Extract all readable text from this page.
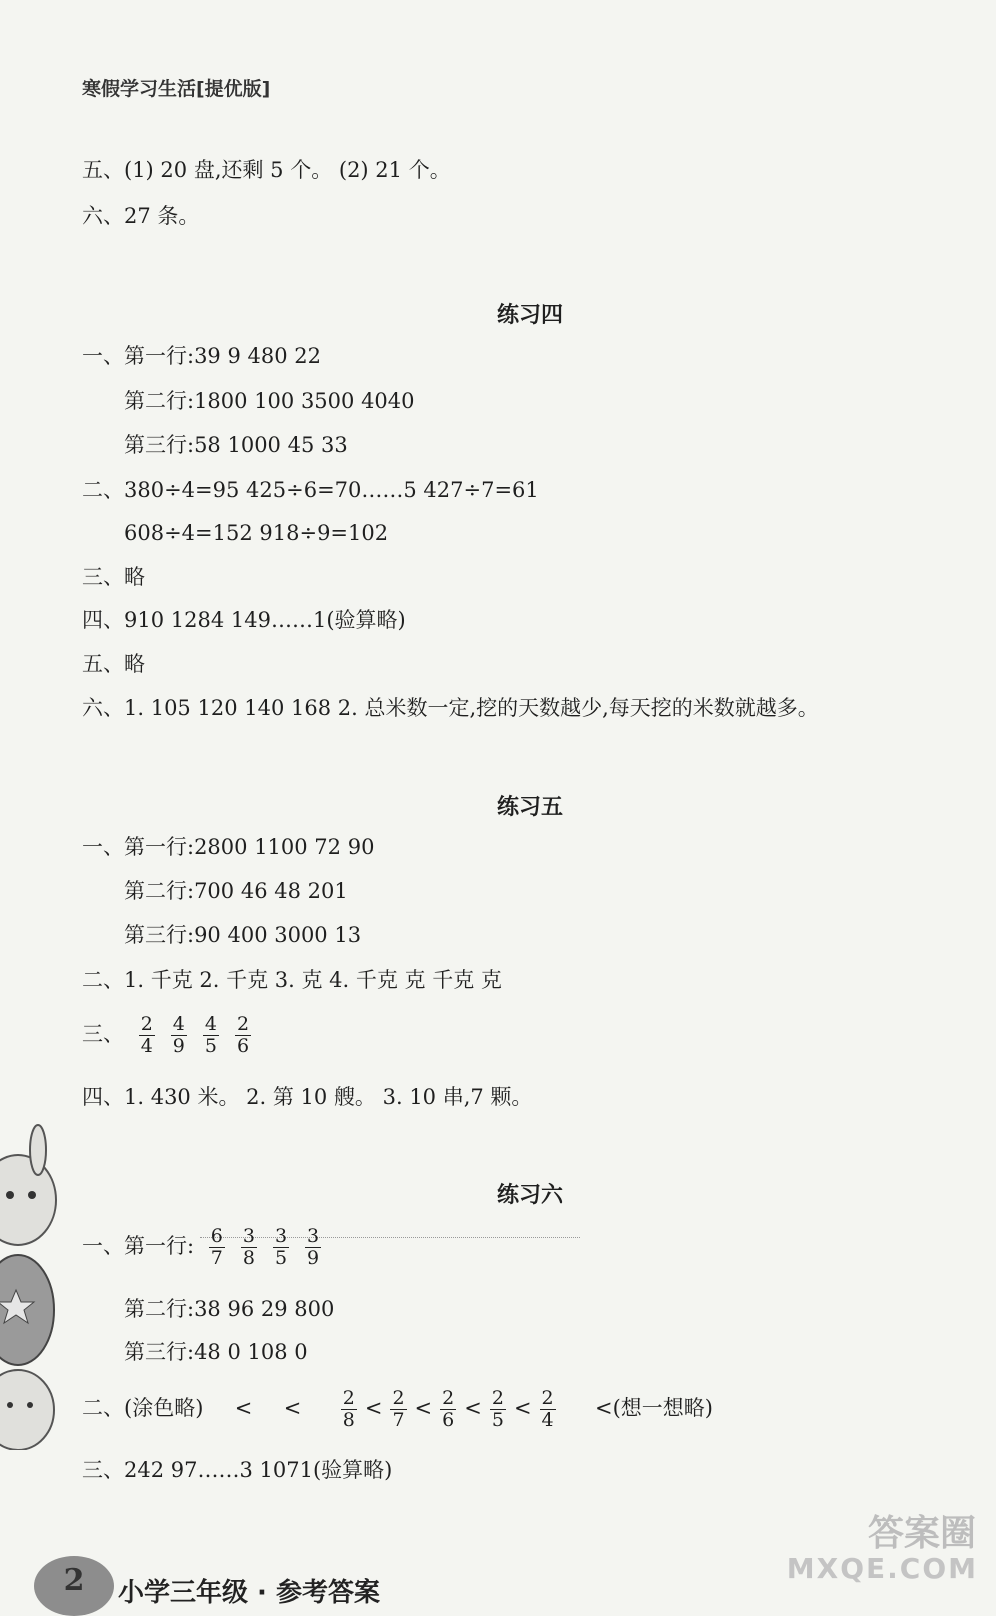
寒假学习生活[提优版]
五、(1) 20 盘,还剩 5 个。 (2) 21 个。
六、27 条。
练习四
一、第一行:39 9 480 22
第二行:1800 100 3500 4040
第三行:58 1000 45 33
二、380÷4=95 425÷6=70……5 427÷7=61
608÷4=152 918÷9=102
三、略
四、910 1284 149……1(验算略)
五、略
六、1. 105 120 140 168 2. 总米数一定,挖的天数越少,每天挖的米数就越多。
练习五
一、第一行:2800 1100 72 90
第二行:700 46 48 201
第三行:90 400 3000 13
二、1. 千克 2. 千克 3. 克 4. 千克 克 千克 克
三、 $\frac{2}{4} \frac{4}{9} \frac{4}{5} \frac{2}{6}$
四、1. 430 米。 2. 第 10 艘。 3. 10 串,7 颗。
练习六
一、第一行: $\frac{6}{7} \frac{3}{8} \frac{3}{5} \frac{3}{9}$
第二行:38 96 29 800
第三行:48 0 108 0
二、(涂色略) < < $\frac{2}{8} < \frac{2}{7} < \frac{2}{6} < \frac{2}{5} < \frac{2}{4}$ <(想一想略)
三、242 97……3 1071(验算略)
2	小学三年级 · 参考答案
答案圈
MXQE.COM
